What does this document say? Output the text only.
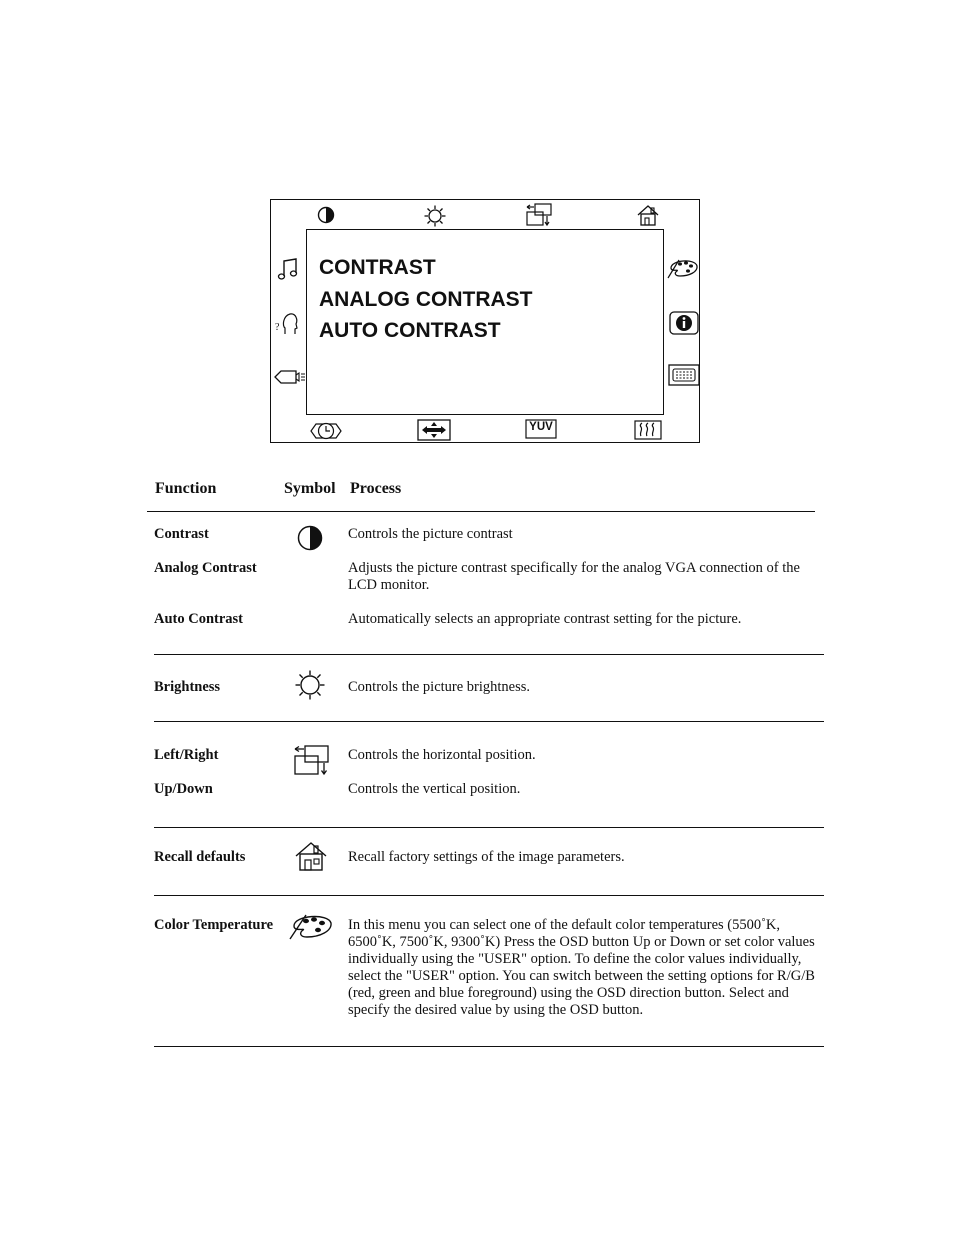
?
YUV
CONTRAST
ANALOG CONTRAST
AUTO CONTRAST
Function	Symbol Process
Contrast	Controls the picture contrast
Analog Contrast	Adjusts the picture contrast specifically for the analog VGA connection of the LCD monitor.
Auto Contrast	Automatically selects an appropriate contrast setting for the picture.
Brightness	Controls the picture brightness.
Left/Right	Controls the horizontal position.
Up/Down	Controls the vertical position.
Recall defaults	Recall factory settings of the image parameters.
Color Temperature	In this menu you can select one of the default color temperatures (5500˚K, 6500˚K, 7500˚K, 9300˚K) Press the OSD button Up or Down or set color values individually using the "USER" option. To define the color values individually, select the "USER" option. You can switch between the setting options for R/G/B (red, green and blue foreground) using the OSD direction button. Select and specify the desired value by using the OSD button.
